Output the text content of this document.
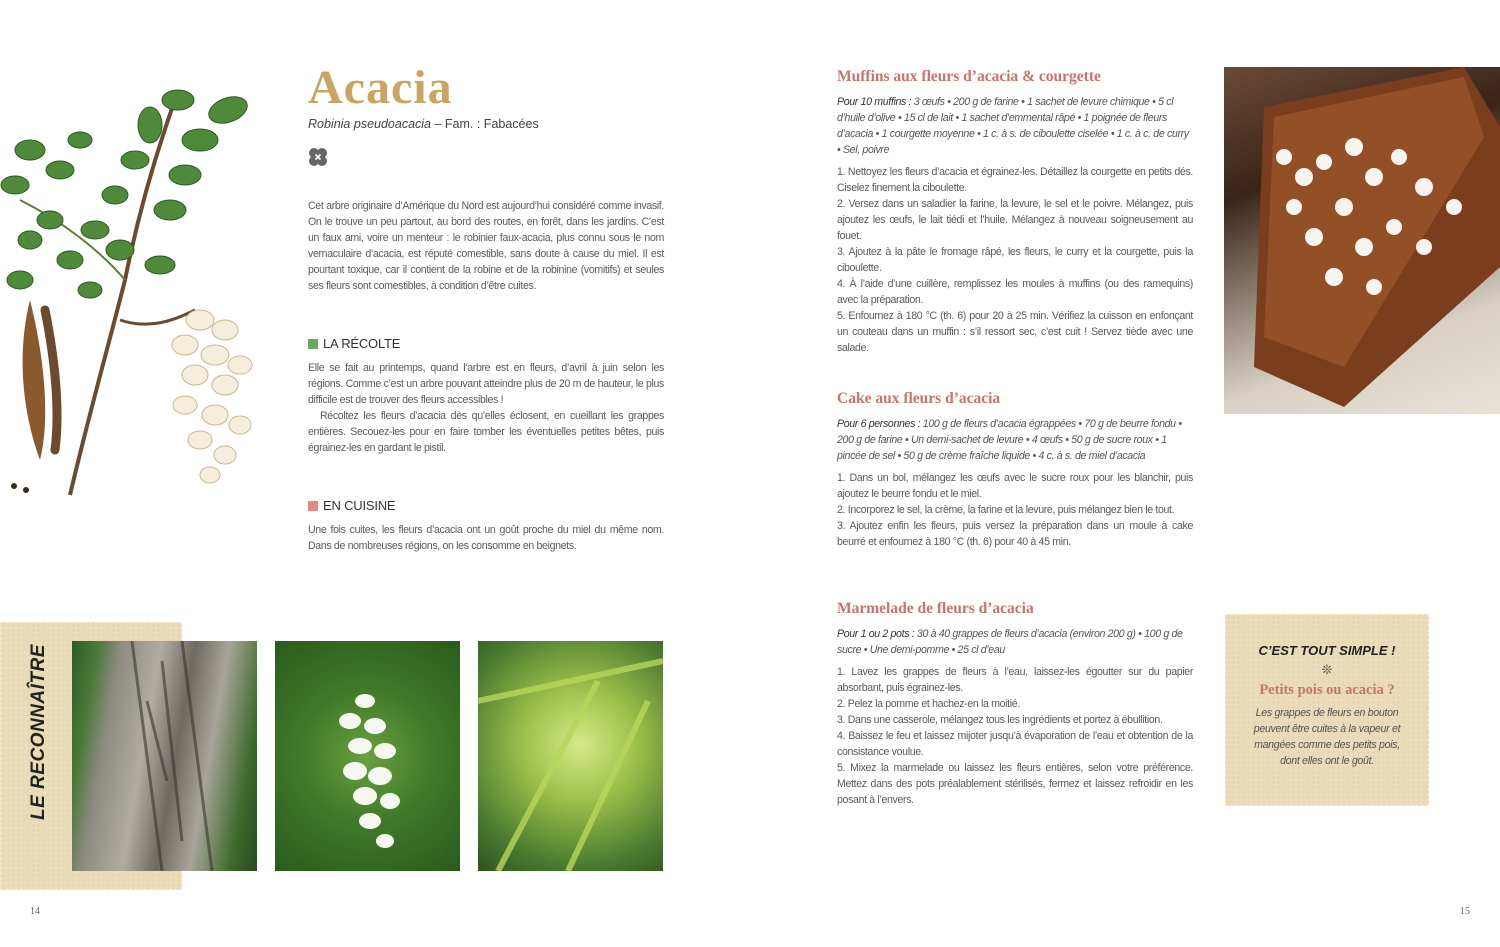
Acacia
Robinia pseudoacacia – Fam. : Fabacées

Cet arbre originaire d’Amérique du Nord est aujourd’hui considéré comme invasif. On le trouve un peu partout, au bord des routes, en forêt, dans les jardins. C’est un faux ami, voire un menteur : le robinier faux-acacia, plus connu sous le nom vernaculaire d’acacia, est réputé comestible, sans doute à cause du miel. Il est pourtant toxique, car il contient de la robine et de la robinine (vomitifs) et seules ses fleurs sont comestibles, à condition d’être cuites.

LA RÉCOLTE

Elle se fait au printemps, quand l’arbre est en fleurs, d’avril à juin selon les régions. Comme c’est un arbre pouvant atteindre plus de 20 m de hauteur, le plus difficile est de trouver des fleurs accessibles !

Récoltez les fleurs d’acacia dès qu’elles éclosent, en cueillant les grappes entières. Secouez-les pour en faire tomber les éventuelles petites bêtes, puis égrainez-les en gardant le pistil.

EN CUISINE

Une fois cuites, les fleurs d’acacia ont un goût proche du miel du même nom. Dans de nombreuses régions, on les consomme en beignets.

LE RECONNAÎTRE
14
Muffins aux fleurs d’acacia & courgette

Pour 10 muffins : 3 œufs • 200 g de farine • 1 sachet de levure chimique • 5 cl d’huile d’olive • 15 cl de lait • 1 sachet d’emmental râpé • 1 poignée de fleurs d’acacia • 1 courgette moyenne • 1 c. à s. de ciboulette ciselée • 1 c. à c. de curry • Sel, poivre

1. Nettoyez les fleurs d’acacia et égrainez-les. Détaillez la courgette en petits dés. Ciselez finement la ciboulette.

2. Versez dans un saladier la farine, la levure, le sel et le poivre. Mélangez, puis ajoutez les œufs, le lait tiédi et l’huile. Mélangez à nouveau soigneusement au fouet.

3. Ajoutez à la pâte le fromage râpé, les fleurs, le curry et la courgette, puis la ciboulette.

4. À l’aide d’une cuillère, remplissez les moules à muffins (ou des ramequins) avec la préparation.

5. Enfournez à 180 °C (th. 6) pour 20 à 25 min. Vérifiez la cuisson en enfonçant un couteau dans un muffin : s’il ressort sec, c’est cuit ! Servez tiède avec une salade.

Cake aux fleurs d’acacia

Pour 6 personnes : 100 g de fleurs d’acacia égrappées • 70 g de beurre fondu • 200 g de farine • Un demi-sachet de levure • 4 œufs • 50 g de sucre roux • 1 pincée de sel • 50 g de crème fraîche liquide • 4 c. à s. de miel d’acacia

1. Dans un bol, mélangez les œufs avec le sucre roux pour les blanchir, puis ajoutez le beurre fondu et le miel.

2. Incorporez le sel, la crème, la farine et la levure, puis mélangez bien le tout.

3. Ajoutez enfin les fleurs, puis versez la préparation dans un moule à cake beurré et enfournez à 180 °C (th. 6) pour 40 à 45 min.

Marmelade de fleurs d’acacia

Pour 1 ou 2 pots : 30 à 40 grappes de fleurs d’acacia (environ 200 g) • 100 g de sucre • Une demi-pomme • 25 cl d’eau

1. Lavez les grappes de fleurs à l’eau, laissez-les égoutter sur du papier absorbant, puis égrainez-les.

2. Pelez la pomme et hachez-en la moitié.

3. Dans une casserole, mélangez tous les ingrédients et portez à ébullition.

4. Baissez le feu et laissez mijoter jusqu’à évaporation de l’eau et obtention de la consistance voulue.

5. Mixez la marmelade ou laissez les fleurs entières, selon votre préférence. Mettez dans des pots préalablement stérilisés, fermez et laissez refroidir en les posant à l’envers.

C’EST TOUT SIMPLE !
❊
Petits pois ou acacia ?
Les grappes de fleurs en bouton peuvent être cuites à la vapeur et mangées comme des petits pois, dont elles ont le goût.
15
